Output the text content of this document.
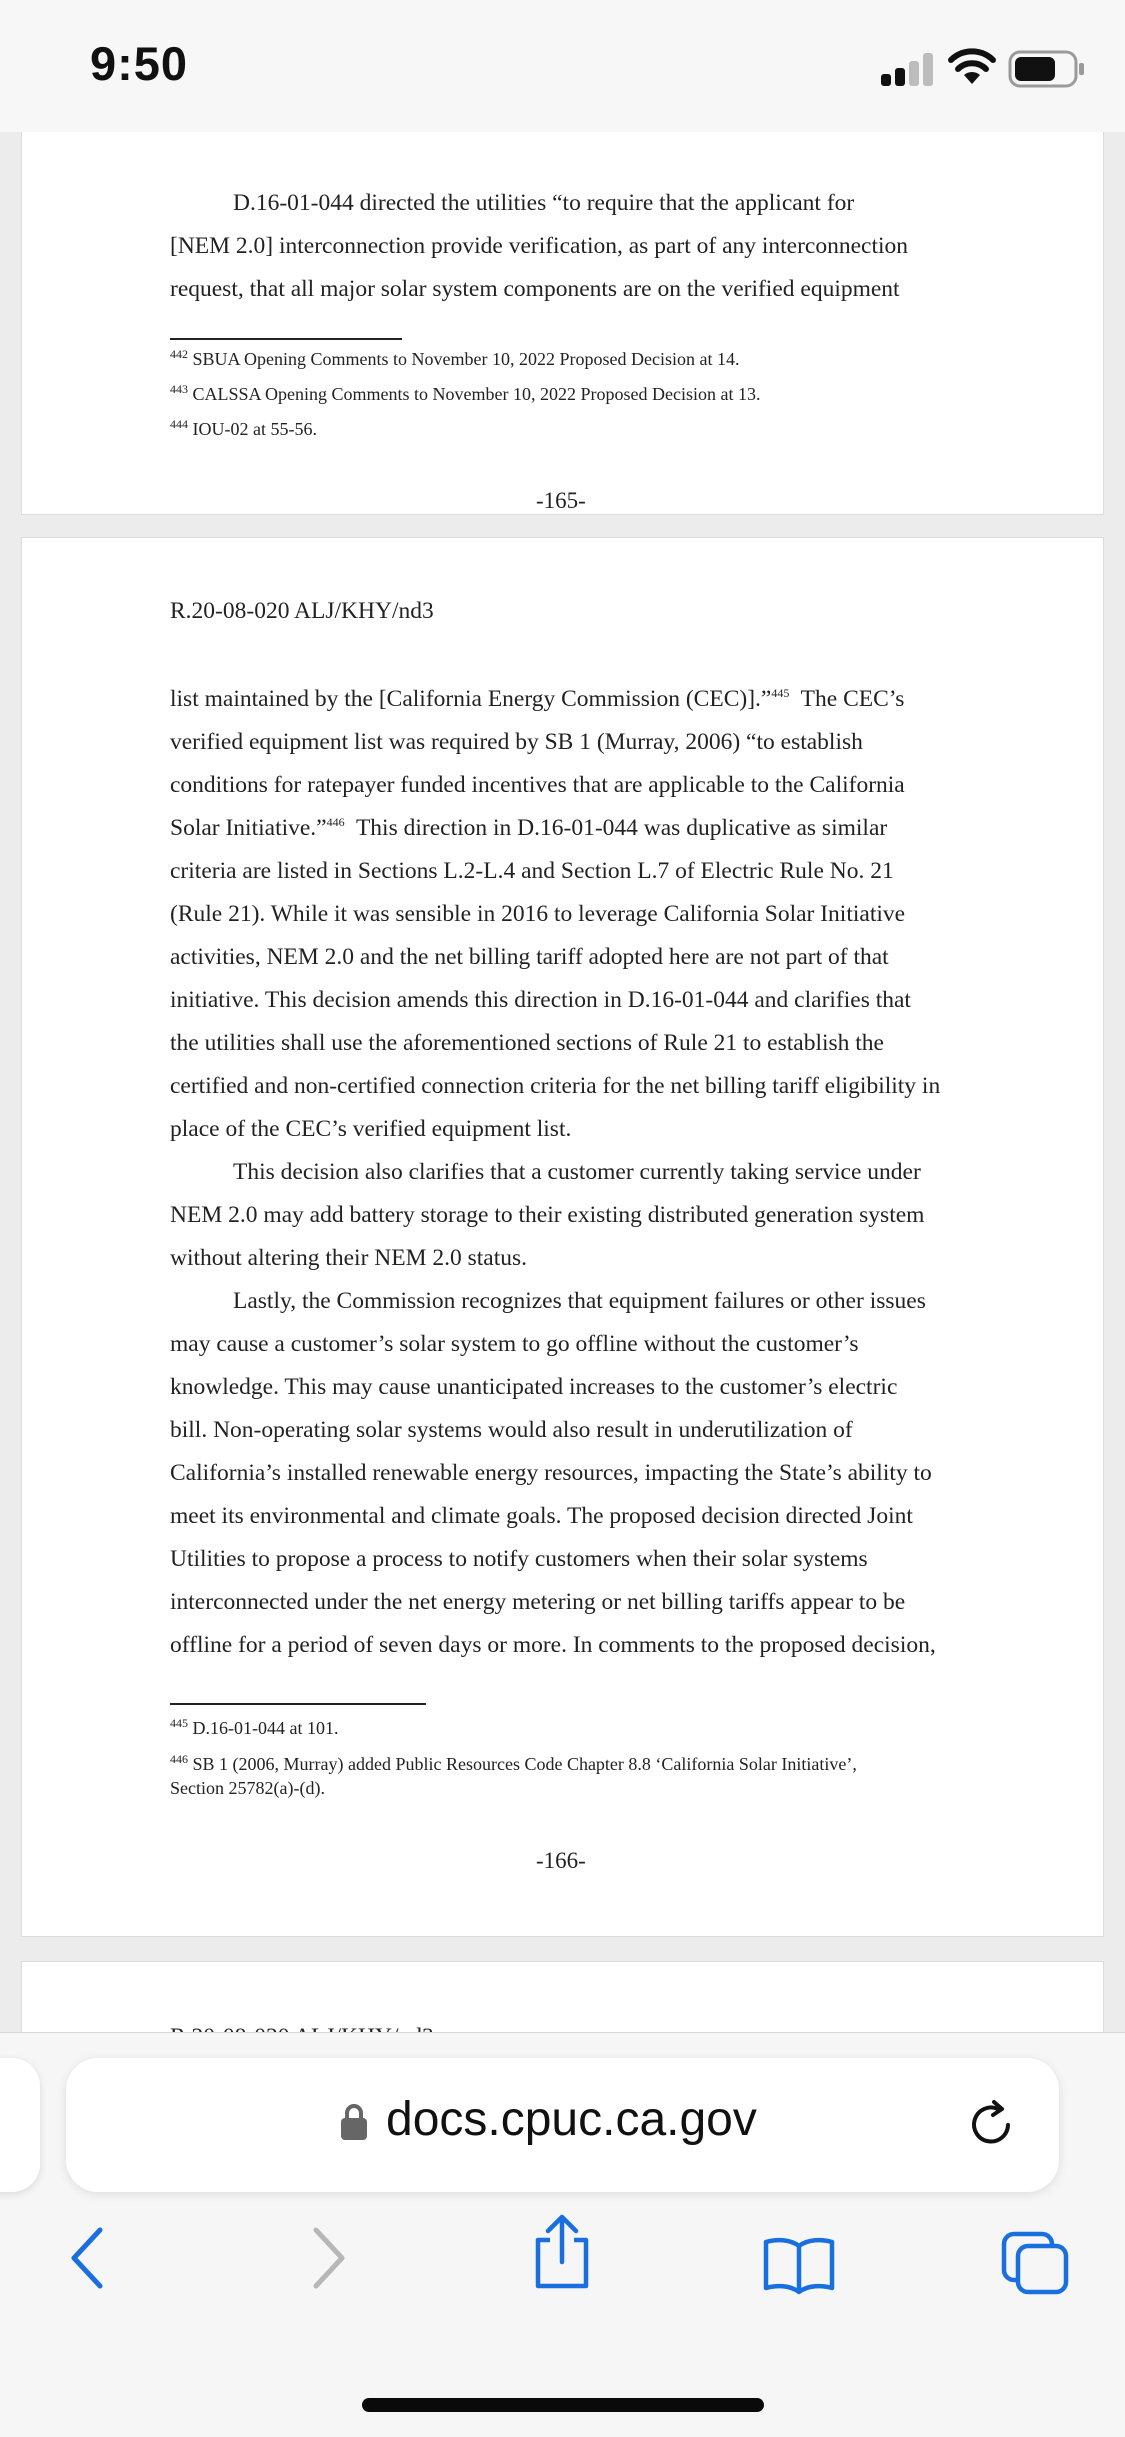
9:50
D.16-01-044 directed the utilities “to require that the applicant for
[NEM 2.0] interconnection provide verification, as part of any interconnection
request, that all major solar system components are on the verified equipment
$^{442}$ SBUA Opening Comments to November 10, 2022 Proposed Decision at 14.
$^{443}$ CALSSA Opening Comments to November 10, 2022 Proposed Decision at 13.
$^{444}$ IOU-02 at 55-56.
-165-
R.20-08-020 ALJ/KHY/nd3
list maintained by the [California Energy Commission (CEC)].”$^{445}$  The CEC’s
verified equipment list was required by SB 1 (Murray, 2006) “to establish
conditions for ratepayer funded incentives that are applicable to the California
Solar Initiative.”$^{446}$  This direction in D.16-01-044 was duplicative as similar
criteria are listed in Sections L.2-L.4 and Section L.7 of Electric Rule No. 21
(Rule 21). While it was sensible in 2016 to leverage California Solar Initiative
activities, NEM 2.0 and the net billing tariff adopted here are not part of that
initiative. This decision amends this direction in D.16-01-044 and clarifies that
the utilities shall use the aforementioned sections of Rule 21 to establish the
certified and non-certified connection criteria for the net billing tariff eligibility in
place of the CEC’s verified equipment list.
This decision also clarifies that a customer currently taking service under
NEM 2.0 may add battery storage to their existing distributed generation system
without altering their NEM 2.0 status.
Lastly, the Commission recognizes that equipment failures or other issues
may cause a customer’s solar system to go offline without the customer’s
knowledge. This may cause unanticipated increases to the customer’s electric
bill. Non-operating solar systems would also result in underutilization of
California’s installed renewable energy resources, impacting the State’s ability to
meet its environmental and climate goals. The proposed decision directed Joint
Utilities to propose a process to notify customers when their solar systems
interconnected under the net energy metering or net billing tariffs appear to be
offline for a period of seven days or more. In comments to the proposed decision,
$^{445}$ D.16-01-044 at 101.
$^{446}$ SB 1 (2006, Murray) added Public Resources Code Chapter 8.8 ‘California Solar Initiative’,
Section 25782(a)-(d).
-166-
docs.cpuc.ca.gov
